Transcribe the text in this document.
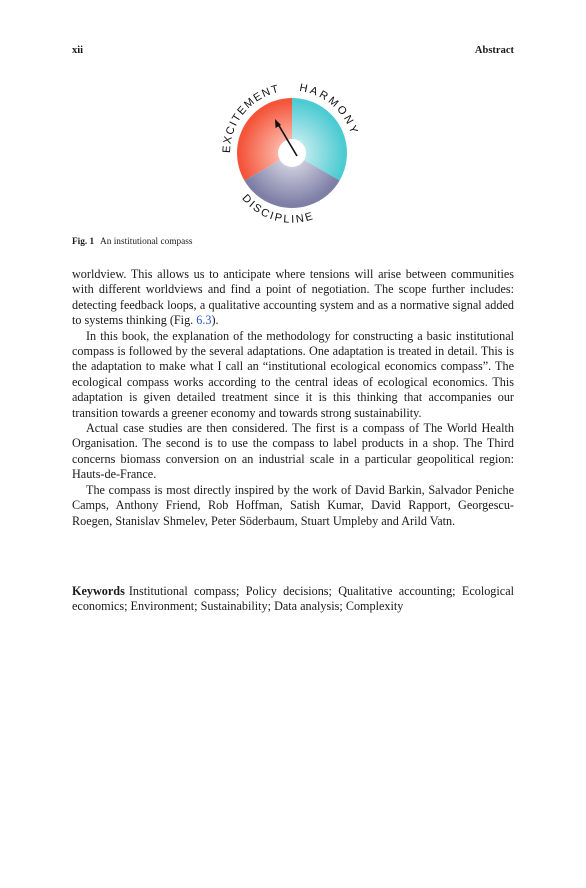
xii	Abstract
EXCITEMENT HARMONY
DISCIPLINE
Fig. 1 An institutional compass

worldview. This allows us to anticipate where tensions will arise between communities with different worldviews and find a point of negotiation. The scope further includes: detecting feedback loops, a qualitative accounting system and as a normative signal added to systems thinking (Fig. 6.3).

In this book, the explanation of the methodology for constructing a basic institutional compass is followed by the several adaptations. One adaptation is treated in detail. This is the adaptation to make what I call an “institutional ecological economics compass”. The ecological compass works according to the central ideas of ecological economics. This adaptation is given detailed treatment since it is this thinking that accompanies our transition towards a greener economy and towards strong sustainability.

Actual case studies are then considered. The first is a compass of The World Health Organisation. The second is to use the compass to label products in a shop. The Third concerns biomass conversion on an industrial scale in a particular geopolitical region: Hauts-de-France.

The compass is most directly inspired by the work of David Barkin, Salvador Peniche Camps, Anthony Friend, Rob Hoffman, Satish Kumar, David Rapport, Georgescu-Roegen, Stanislav Shmelev, Peter Söderbaum, Stuart Umpleby and Arild Vatn.

Keywords Institutional compass; Policy decisions; Qualitative accounting; Ecological economics; Environment; Sustainability; Data analysis; Complexity
